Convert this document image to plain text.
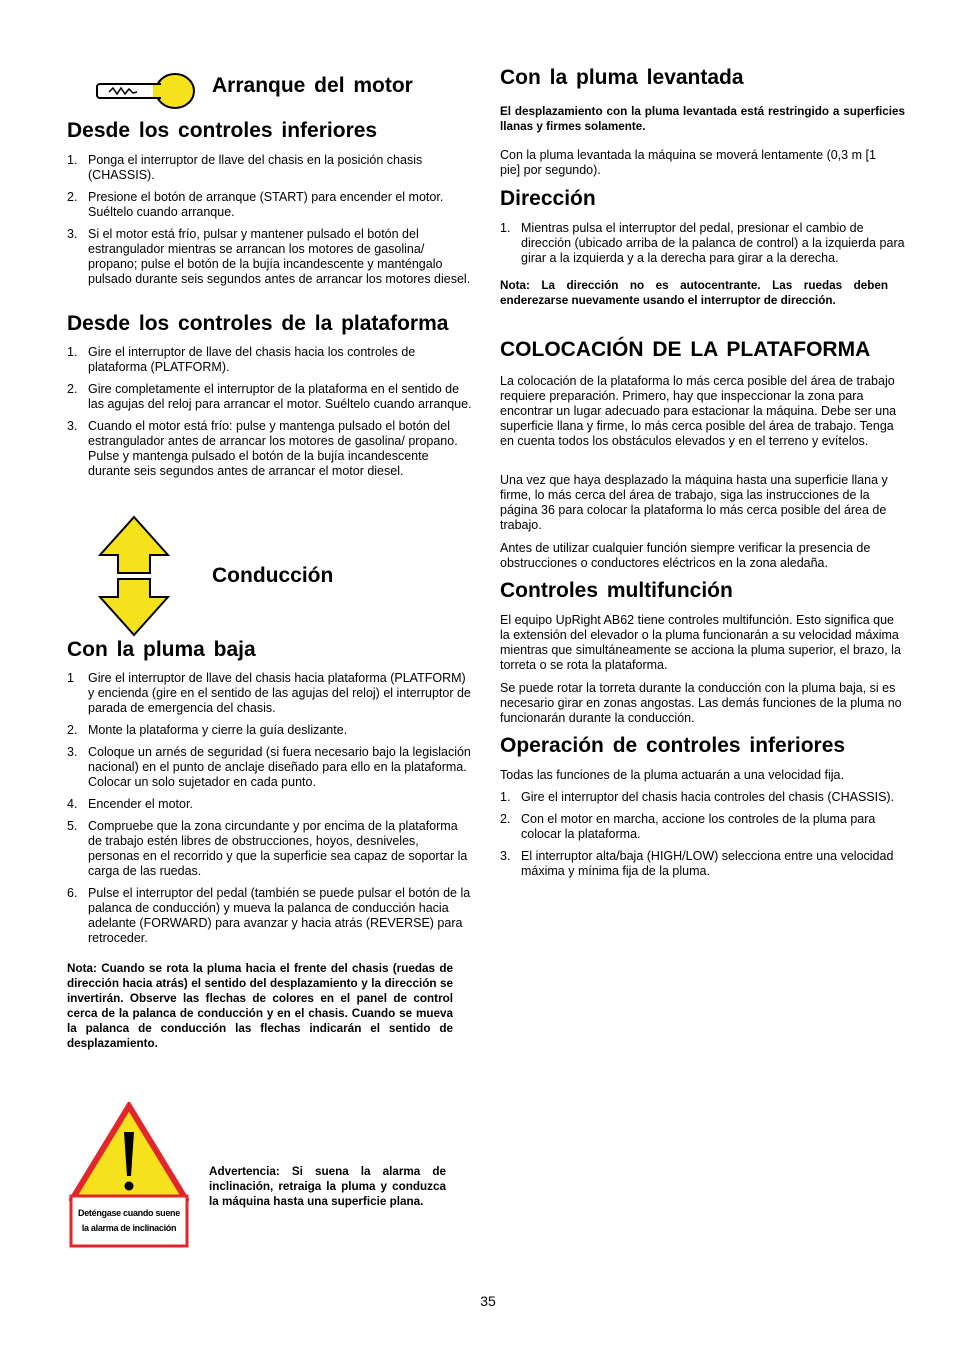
Arranque del motor
Desde los controles inferiores
1. Ponga el interruptor de llave del chasis en la posición chasis (CHASSIS).
2. Presione el botón de arranque (START) para encender el motor. Suéltelo cuando arranque.
3. Si el motor está frío, pulsar y mantener pulsado el botón del estrangulador mientras se arrancan los motores de gasolina/ propano; pulse el botón de la bujía incandescente y manténgalo pulsado durante seis segundos antes de arrancar los motores diesel.
Desde los controles de la plataforma
1. Gire el interruptor de llave del chasis hacia los controles de plataforma (PLATFORM).
2. Gire completamente el interruptor de la plataforma en el sentido de las agujas del reloj para arrancar el motor. Suéltelo cuando arranque.
3. Cuando el motor está frío: pulse y mantenga pulsado el botón del estrangulador antes de arrancar los motores de gasolina/ propano. Pulse y mantenga pulsado el botón de la bujía incandescente durante seis segundos antes de arrancar el motor diesel.
Conducción
Con la pluma baja
1 Gire el interruptor de llave del chasis hacia plataforma (PLATFORM) y encienda (gire en el sentido de las agujas del reloj) el interruptor de parada de emergencia del chasis.
2. Monte la plataforma y cierre la guía deslizante.
3. Coloque un arnés de seguridad (si fuera necesario bajo la legislación nacional) en el punto de anclaje diseñado para ello en la plataforma. Colocar un solo sujetador en cada punto.
4. Encender el motor.
5. Compruebe que la zona circundante y por encima de la plataforma de trabajo estén libres de obstrucciones, hoyos, desniveles, personas en el recorrido y que la superficie sea capaz de soportar la carga de las ruedas.
6. Pulse el interruptor del pedal (también se puede pulsar el botón de la palanca de conducción) y mueva la palanca de conducción hacia adelante (FORWARD) para avanzar y hacia atrás (REVERSE) para retroceder.

Nota: Cuando se rota la pluma hacia el frente del chasis (ruedas de dirección hacia atrás) el sentido del desplazamiento y la dirección se invertirán. Observe las flechas de colores en el panel de control cerca de la palanca de conducción y en el chasis. Cuando se mueva la palanca de conducción las flechas indicarán el sentido de desplazamiento.

Deténgase cuando suene
la alarma de inclinación

Advertencia: Si suena la alarma de inclinación, retraiga la pluma y conduzca la máquina hasta una superficie plana.

Con la pluma levantada

El desplazamiento con la pluma levantada está restringido a superficies llanas y firmes solamente.

Con la pluma levantada la máquina se moverá lentamente (0,3 m [1 pie] por segundo).

Dirección
1. Mientras pulsa el interruptor del pedal, presionar el cambio de dirección (ubicado arriba de la palanca de control) a la izquierda para girar a la izquierda y a la derecha para girar a la derecha.

Nota: La dirección no es autocentrante. Las ruedas deben enderezarse nuevamente usando el interruptor de dirección.

COLOCACIÓN DE LA PLATAFORMA

La colocación de la plataforma lo más cerca posible del área de trabajo requiere preparación. Primero, hay que inspeccionar la zona para encontrar un lugar adecuado para estacionar la máquina. Debe ser una superficie llana y firme, lo más cerca posible del área de trabajo. Tenga en cuenta todos los obstáculos elevados y en el terreno y evítelos.

Una vez que haya desplazado la máquina hasta una superficie llana y firme, lo más cerca del área de trabajo, siga las instrucciones de la página 36 para colocar la plataforma lo más cerca posible del área de trabajo.

Antes de utilizar cualquier función siempre verificar la presencia de obstrucciones o conductores eléctricos en la zona aledaña.

Controles multifunción

El equipo UpRight AB62 tiene controles multifunción. Esto significa que la extensión del elevador o la pluma funcionarán a su velocidad máxima mientras que simultáneamente se acciona la pluma superior, el brazo, la torreta o se rota la plataforma.

Se puede rotar la torreta durante la conducción con la pluma baja, si es necesario girar en zonas angostas. Las demás funciones de la pluma no funcionarán durante la conducción.

Operación de controles inferiores

Todas las funciones de la pluma actuarán a una velocidad fija.

1. Gire el interruptor del chasis hacia controles del chasis (CHASSIS).
2. Con el motor en marcha, accione los controles de la pluma para colocar la plataforma.
3. El interruptor alta/baja (HIGH/LOW) selecciona entre una velocidad máxima y mínima fija de la pluma.
35
